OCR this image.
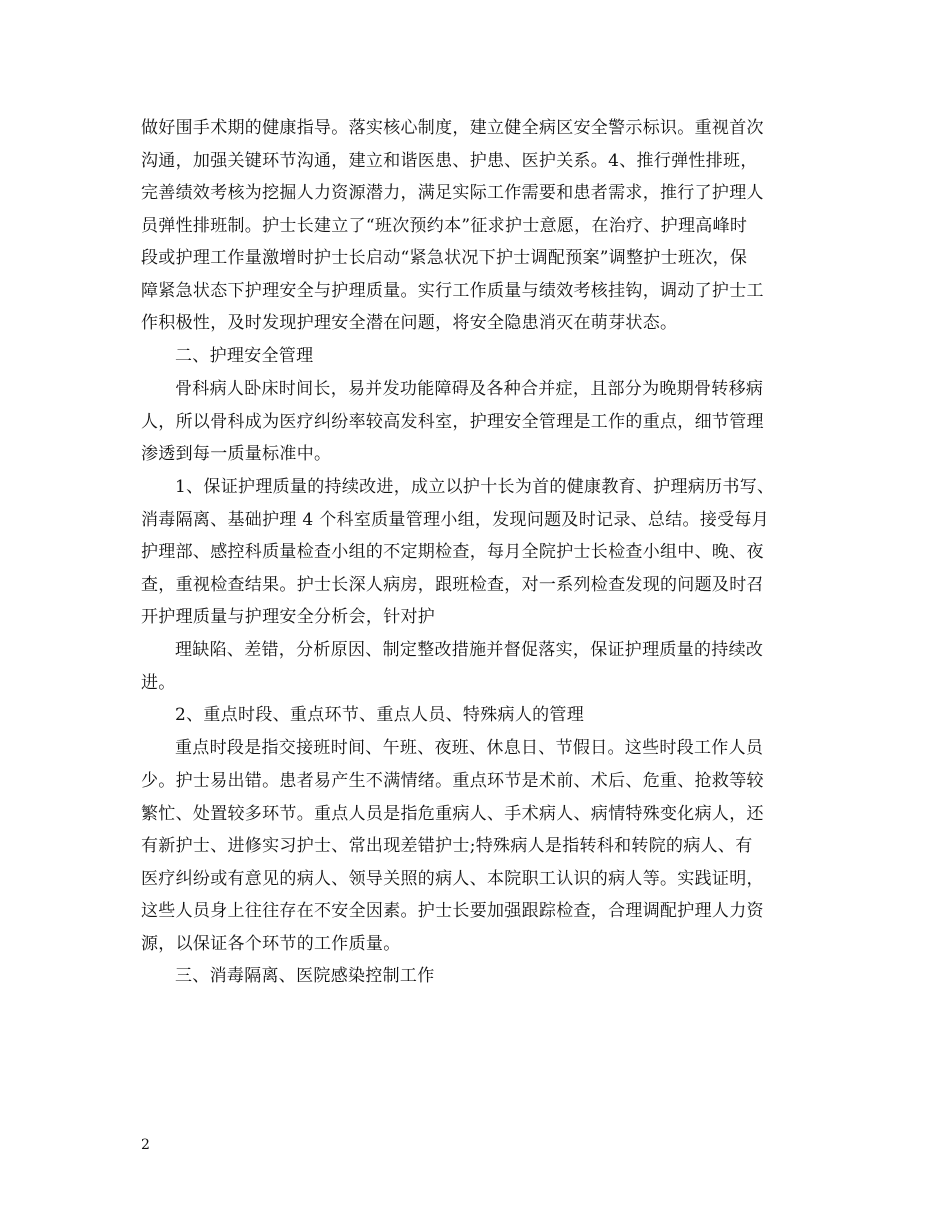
做好围手术期的健康指导。落实核心制度，建立健全病区安全警示标识。重视首次
沟通，加强关键环节沟通，建立和谐医患、护患、医护关系。4、推行弹性排班，
完善绩效考核为挖掘人力资源潜力，满足实际工作需要和患者需求，推行了护理人
员弹性排班制。护士长建立了“班次预约本”征求护士意愿，在治疗、护理高峰时
段或护理工作量激增时护士长启动“紧急状况下护士调配预案”调整护士班次，保
障紧急状态下护理安全与护理质量。实行工作质量与绩效考核挂钩，调动了护士工
作积极性，及时发现护理安全潜在问题，将安全隐患消灭在萌芽状态。
二、护理安全管理
骨科病人卧床时间长，易并发功能障碍及各种合并症，且部分为晚期骨转移病
人，所以骨科成为医疗纠纷率较高发科室，护理安全管理是工作的重点，细节管理
渗透到每一质量标准中。
1、保证护理质量的持续改进，成立以护十长为首的健康教育、护理病历书写、
消毒隔离、基础护理 4 个科室质量管理小组，发现问题及时记录、总结。接受每月
护理部、感控科质量检查小组的不定期检查，每月全院护士长检查小组中、晚、夜
查，重视检查结果。护士长深人病房，跟班检查，对一系列检查发现的问题及时召
开护理质量与护理安全分析会，针对护
理缺陷、差错，分析原因、制定整改措施并督促落实，保证护理质量的持续改
进。
2、重点时段、重点环节、重点人员、特殊病人的管理
重点时段是指交接班时间、午班、夜班、休息日、节假日。这些时段工作人员
少。护士易出错。患者易产生不满情绪。重点环节是术前、术后、危重、抢救等较
繁忙、处置较多环节。重点人员是指危重病人、手术病人、病情特殊变化病人，还
有新护士、进修实习护士、常出现差错护士;特殊病人是指转科和转院的病人、有
医疗纠纷或有意见的病人、领导关照的病人、本院职工认识的病人等。实践证明，
这些人员身上往往存在不安全因素。护士长要加强跟踪检查，合理调配护理人力资
源，以保证各个环节的工作质量。
三、消毒隔离、医院感染控制工作
2
